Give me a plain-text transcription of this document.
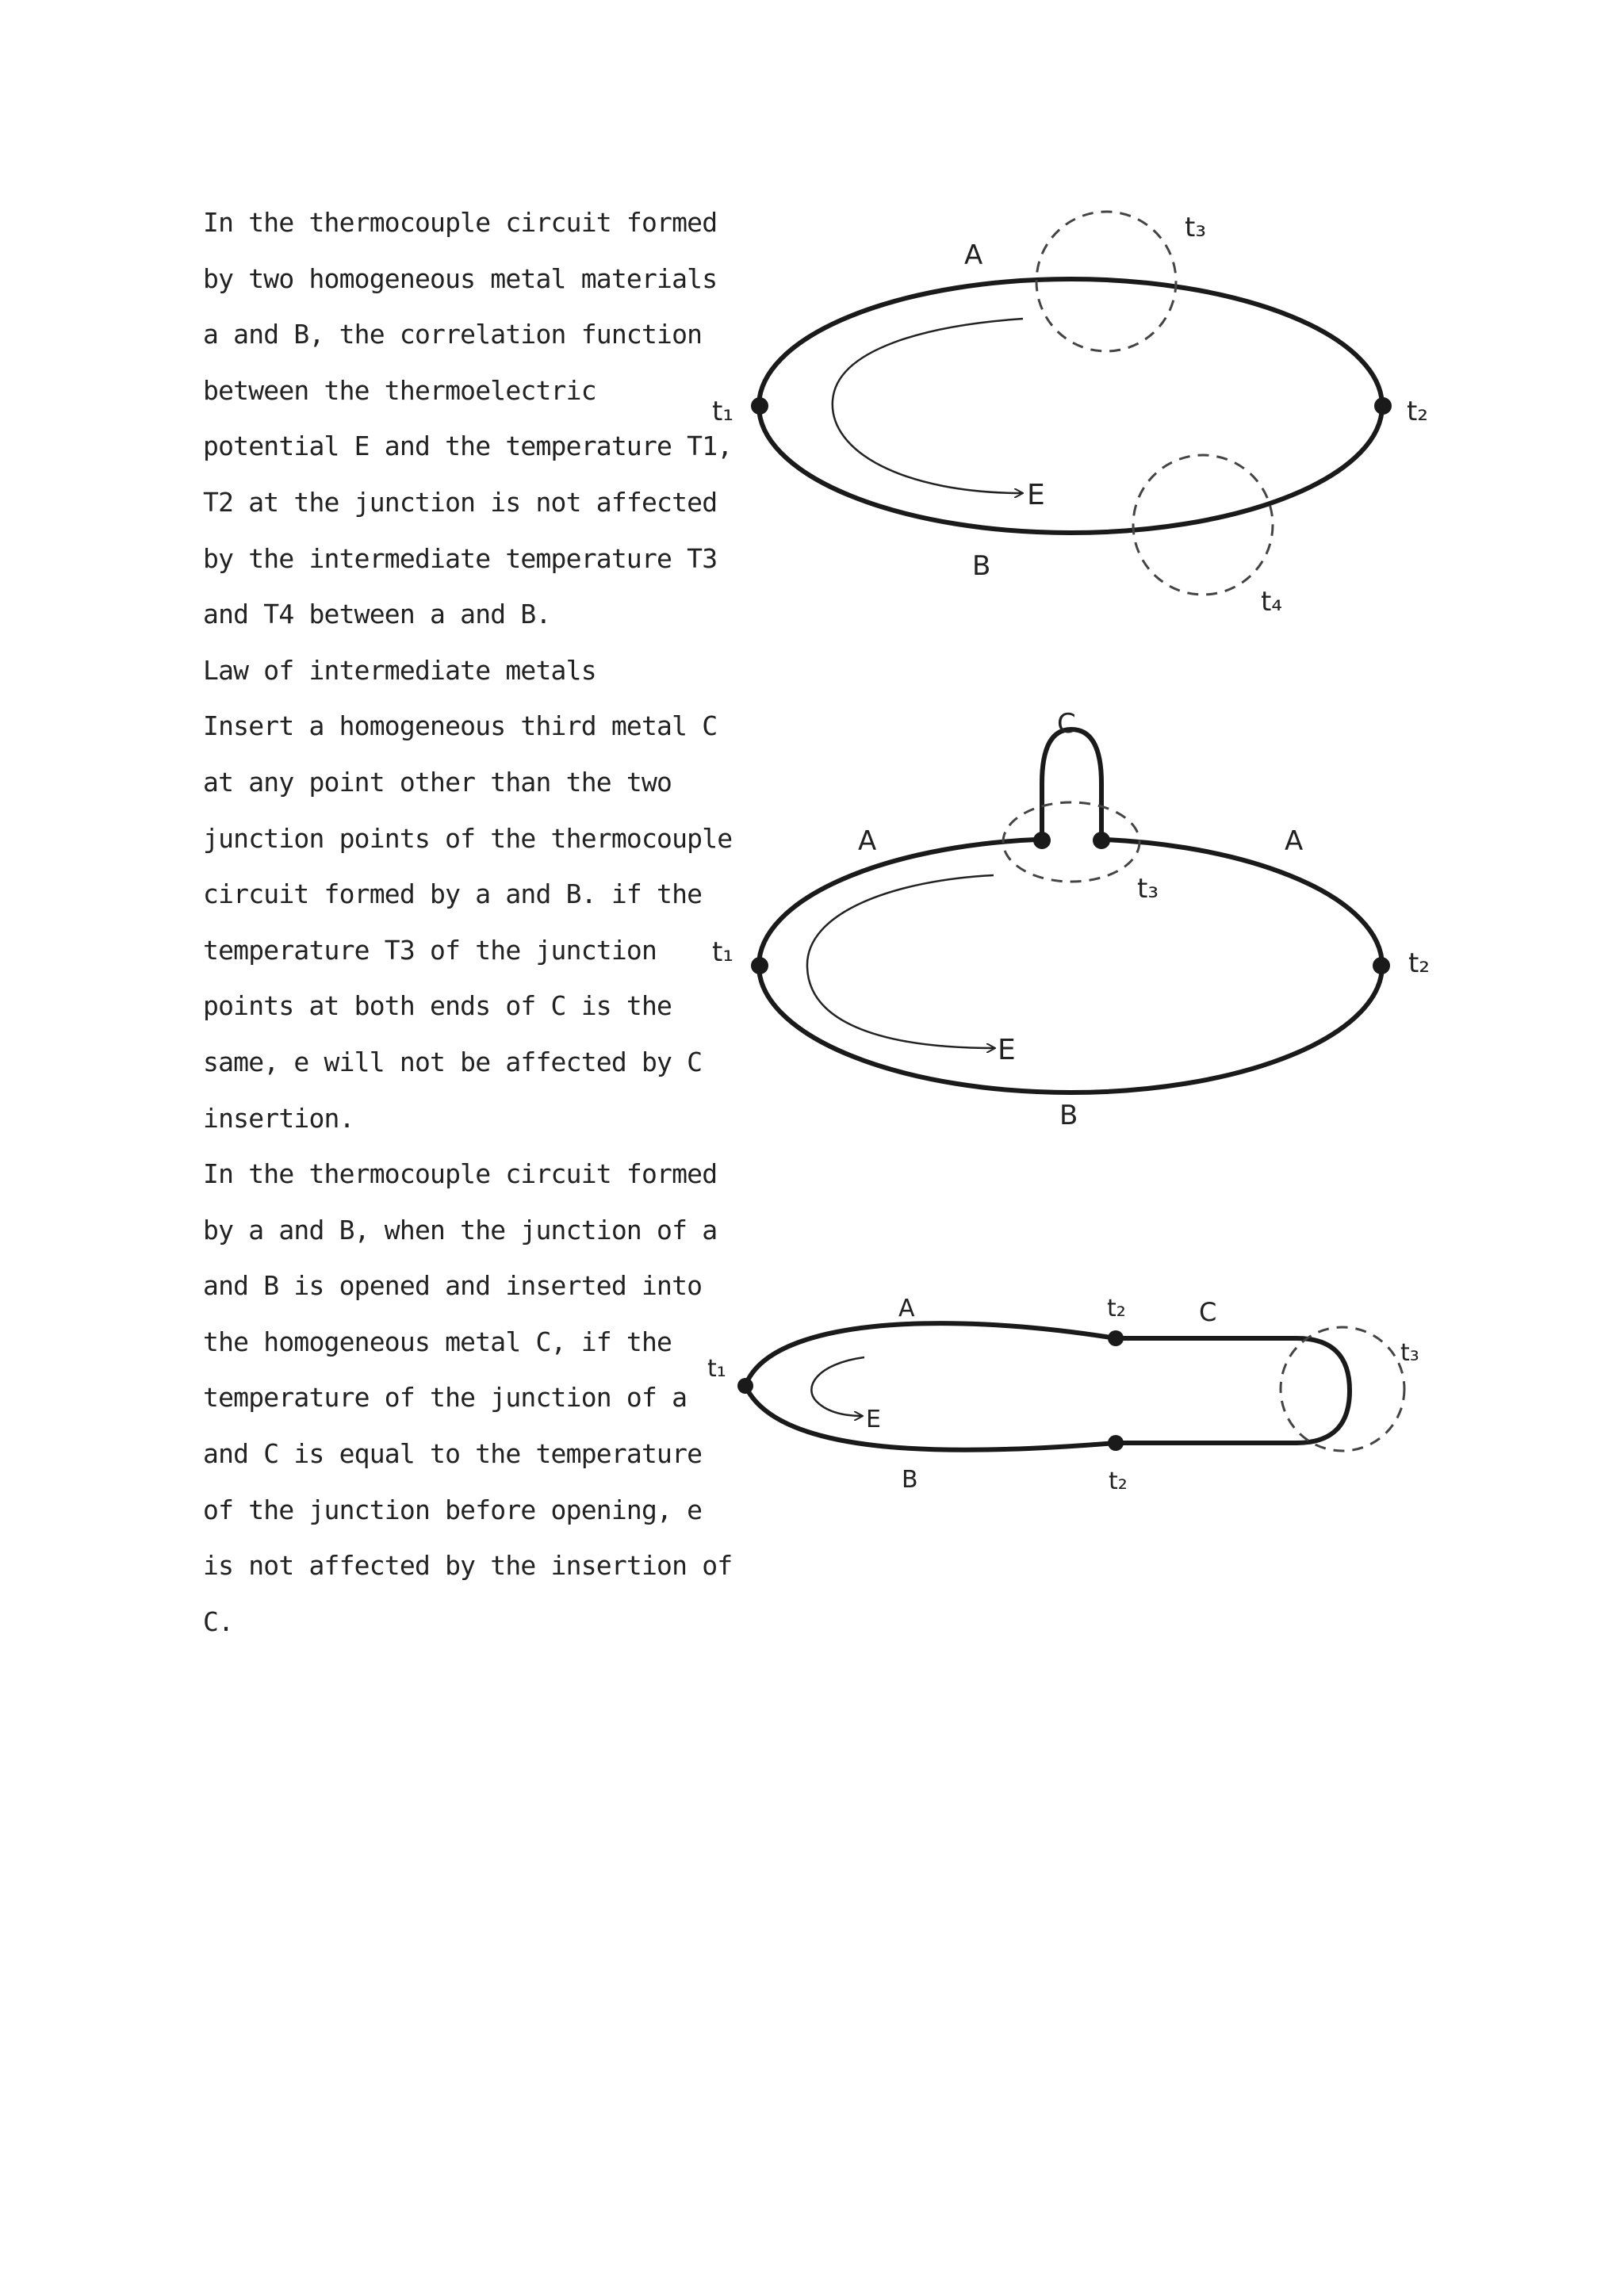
In the thermocouple circuit formed
by two homogeneous metal materials
a and B, the correlation function
between the thermoelectric
potential E and the temperature T1,
T2 at the junction is not affected
by the intermediate temperature T3
and T4 between a and B.
Law of intermediate metals
Insert a homogeneous third metal C
at any point other than the two
junction points of the thermocouple
circuit formed by a and B. if the
temperature T3 of the junction
points at both ends of C is the
same, e will not be affected by C
insertion.
In the thermocouple circuit formed
by a and B, when the junction of a
and B is opened and inserted into
the homogeneous metal C, if the
temperature of the junction of a
and C is equal to the temperature
of the junction before opening, e
is not affected by the insertion of
C.
A
B
E
t₁	t₂
t₃
t₄
C
A	A
B
E
t₁	t₂
t₃
A
B
C
E
t₁
t₂
t₂
t₃
